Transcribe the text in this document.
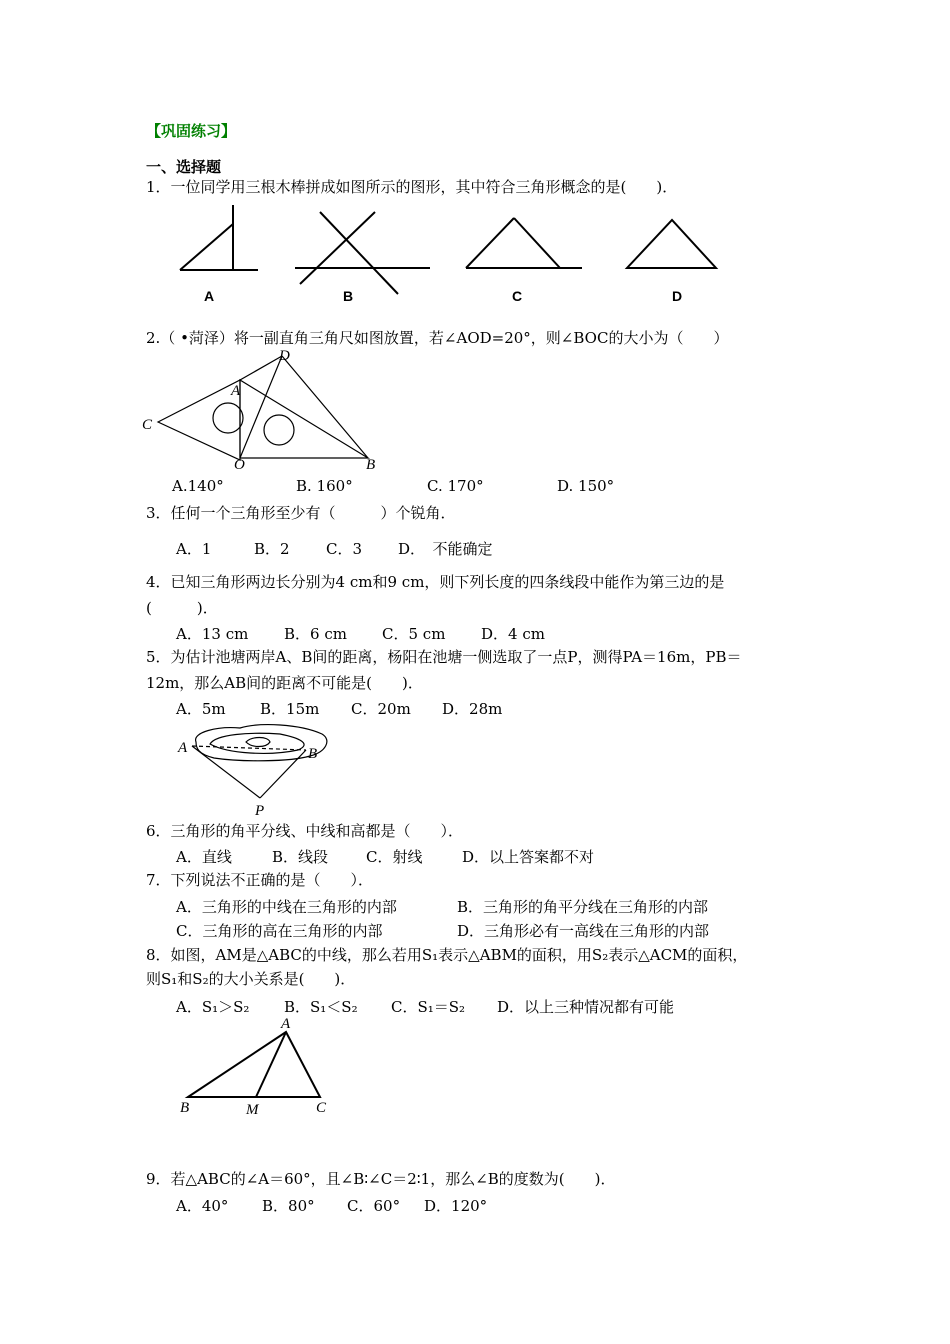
【巩固练习】
一、选择题
1．一位同学用三根木棒拼成如图所示的图形，其中符合三角形概念的是(　　)．
A	B	C	D
2.（ •菏泽）将一副直角三角尺如图放置，若∠AOD=20°，则∠BOC的大小为（　　）
D
A
C
O	B
A.140°	B. 160°	C. 170°	D. 150°
3．任何一个三角形至少有（　　　）个锐角．
A．1	B．2 C．3 D．　不能确定
4．已知三角形两边长分别为4 cm和9 cm，则下列长度的四条线段中能作为第三边的是
(　　　)．
A．13 cm B．6 cm C．5 cm D．4 cm
5．为估计池塘两岸A、B间的距离，杨阳在池塘一侧选取了一点P，测得PA＝16m，PB＝
12m，那么AB间的距离不可能是(　　)．
A．5m B．15m C．20m D．28m
A	B
P
6．三角形的角平分线、中线和高都是（　　）．
A．直线	B．线段	C．射线	D．以上答案都不对
7．下列说法不正确的是（　　）．
A．三角形的中线在三角形的内部	B．三角形的角平分线在三角形的内部
C．三角形的高在三角形的内部	D．三角形必有一高线在三角形的内部
8．如图，AM是△ABC的中线，那么若用S₁表示△ABM的面积，用S₂表示△ACM的面积，
则S₁和S₂的大小关系是(　　)．
A．S₁＞S₂ B．S₁＜S₂ C．S₁＝S₂ D．以上三种情况都有可能
A
B	M	C
9．若△ABC的∠A＝60°，且∠B∶∠C＝2∶1，那么∠B的度数为(　　)．
A．40° B．80° C．60° D．120°
